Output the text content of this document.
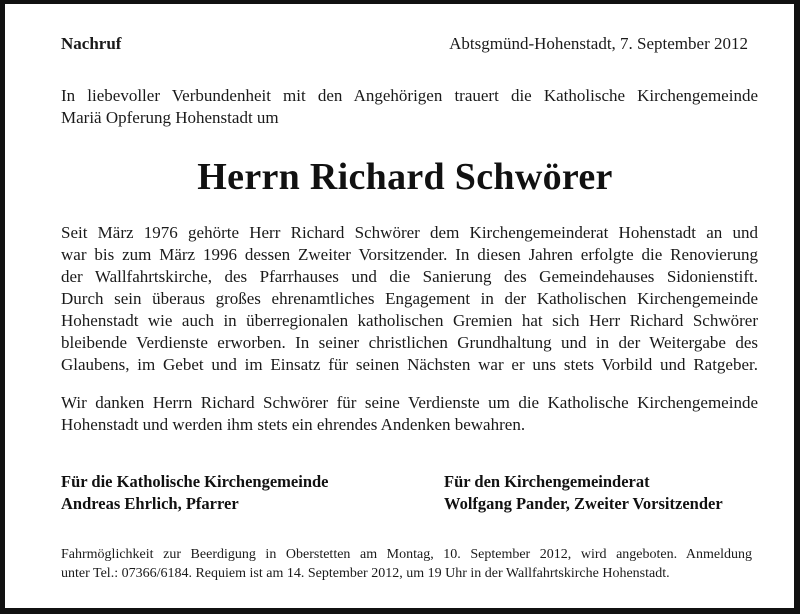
Nachruf	Abtsgmünd-Hohenstadt, 7. September 2012
In liebevoller Verbundenheit mit den Angehörigen trauert die Katholische Kirchengemeinde
Mariä Opferung Hohenstadt um
Herrn Richard Schwörer
Seit März 1976 gehörte Herr Richard Schwörer dem Kirchengemeinderat Hohenstadt an und
war bis zum März 1996 dessen Zweiter Vorsitzender. In diesen Jahren erfolgte die Renovierung
der Wallfahrtskirche, des Pfarrhauses und die Sanierung des Gemeindehauses Sidonienstift.
Durch sein überaus großes ehrenamtliches Engagement in der Katholischen Kirchengemeinde
Hohenstadt wie auch in überregionalen katholischen Gremien hat sich Herr Richard Schwörer
bleibende Verdienste erworben. In seiner christlichen Grundhaltung und in der Weitergabe des
Glaubens, im Gebet und im Einsatz für seinen Nächsten war er uns stets Vorbild und Ratgeber.
Wir danken Herrn Richard Schwörer für seine Verdienste um die Katholische Kirchengemeinde
Hohenstadt und werden ihm stets ein ehrendes Andenken bewahren.
Für die Katholische Kirchengemeinde
Andreas Ehrlich, Pfarrer
Für den Kirchengemeinderat
Wolfgang Pander, Zweiter Vorsitzender
Fahrmöglichkeit zur Beerdigung in Oberstetten am Montag, 10. September 2012, wird angeboten. Anmeldung
unter Tel.: 07366/6184. Requiem ist am 14. September 2012, um 19 Uhr in der Wallfahrtskirche Hohenstadt.
